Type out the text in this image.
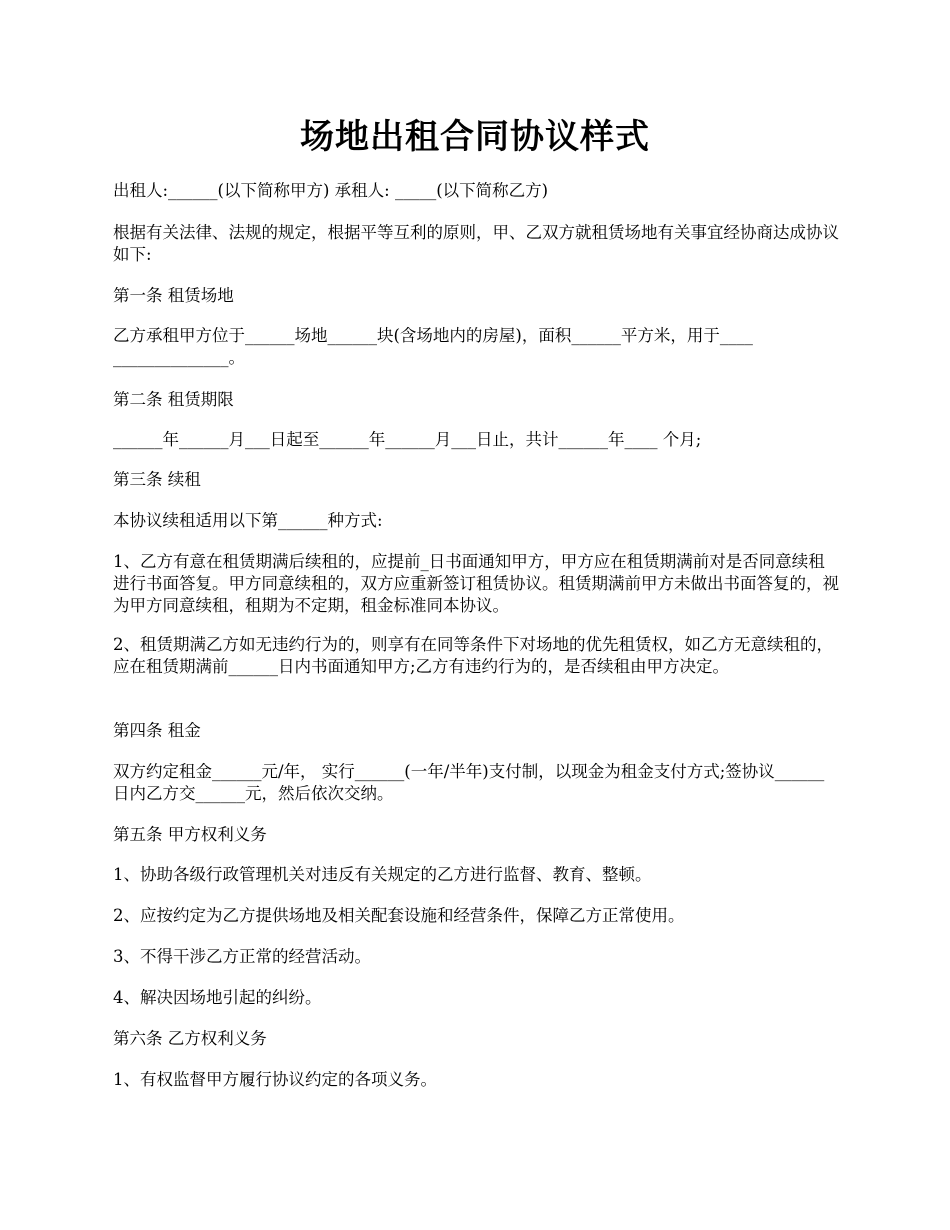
场地出租合同协议样式

出租人:______(以下简称甲方) 承租人: _____(以下简称乙方)

根据有关法律、法规的规定，根据平等互利的原则，甲、乙双方就租赁场地有关事宜经协商达成协议如下:

第一条 租赁场地

乙方承租甲方位于______场地______块(含场地内的房屋)，面积______平方米，用于____
______________。

第二条 租赁期限

______年______月___日起至______年______月___日止，共计______年____ 个月;

第三条 续租

本协议续租适用以下第______种方式:

1、乙方有意在租赁期满后续租的，应提前_日书面通知甲方，甲方应在租赁期满前对是否同意续租进行书面答复。甲方同意续租的，双方应重新签订租赁协议。租赁期满前甲方未做出书面答复的，视为甲方同意续租，租期为不定期，租金标准同本协议。

2、租赁期满乙方如无违约行为的，则享有在同等条件下对场地的优先租赁权，如乙方无意续租的，应在租赁期满前______日内书面通知甲方;乙方有违约行为的，是否续租由甲方决定。

第四条 租金

双方约定租金______元/年， 实行______(一年/半年)支付制，以现金为租金支付方式;签协议______日内乙方交______元，然后依次交纳。

第五条 甲方权利义务

1、协助各级行政管理机关对违反有关规定的乙方进行监督、教育、整顿。

2、应按约定为乙方提供场地及相关配套设施和经营条件，保障乙方正常使用。

3、不得干涉乙方正常的经营活动。

4、解决因场地引起的纠纷。

第六条 乙方权利义务

1、有权监督甲方履行协议约定的各项义务。
